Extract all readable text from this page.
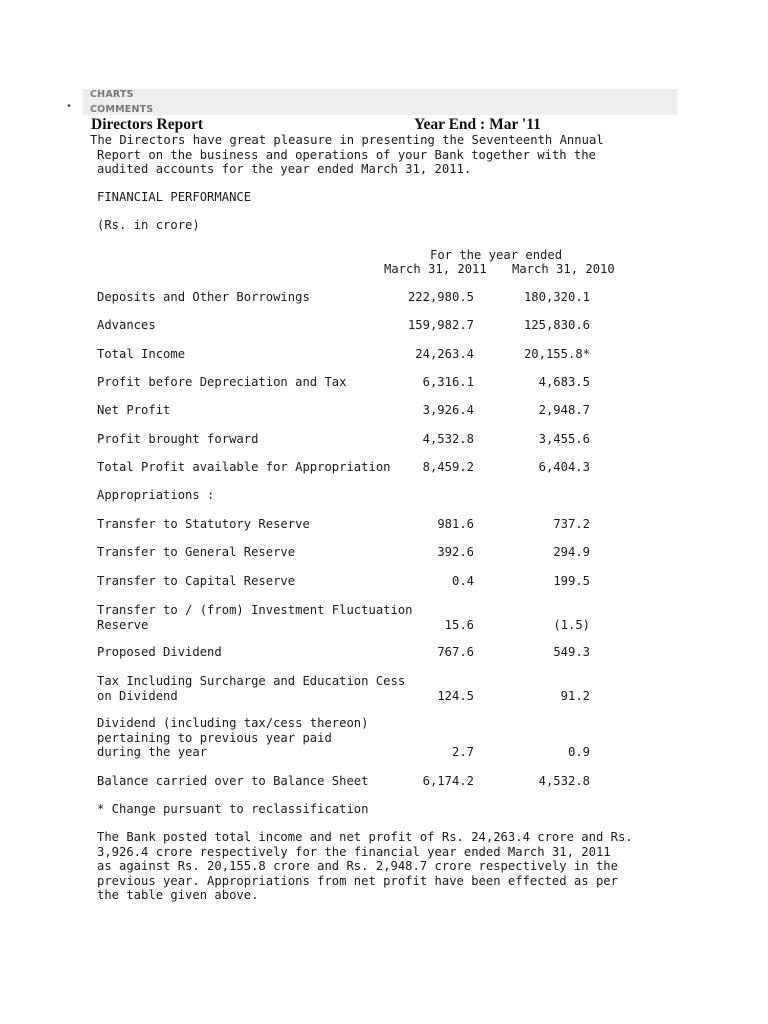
CHARTS
• COMMENTS
Directors Report	Year End : Mar '11
The Directors have great pleasure in presenting the Seventeenth Annual
Report on the business and operations of your Bank together with the
audited accounts for the year ended March 31, 2011.
FINANCIAL PERFORMANCE
(Rs. in crore)
For the year ended
March 31, 2011 March 31, 2010
Deposits and Other Borrowings	222,980.5	180,320.1
Advances	159,982.7	125,830.6
Total Income	24,263.4	20,155.8*
Profit before Depreciation and Tax	6,316.1	4,683.5
Net Profit	3,926.4	2,948.7
Profit brought forward	4,532.8	3,455.6
Total Profit available for Appropriation	8,459.2	6,404.3
Appropriations :
Transfer to Statutory Reserve	981.6	737.2
Transfer to General Reserve	392.6	294.9
Transfer to Capital Reserve	0.4	199.5
Transfer to / (from) Investment Fluctuation
Reserve	15.6	(1.5)
Proposed Dividend	767.6	549.3
Tax Including Surcharge and Education Cess
on Dividend	124.5	91.2
Dividend (including tax/cess thereon)
pertaining to previous year paid
during the year	2.7	0.9
Balance carried over to Balance Sheet	6,174.2	4,532.8
* Change pursuant to reclassification
The Bank posted total income and net profit of Rs. 24,263.4 crore and Rs.
3,926.4 crore respectively for the financial year ended March 31, 2011
as against Rs. 20,155.8 crore and Rs. 2,948.7 crore respectively in the
previous year. Appropriations from net profit have been effected as per
the table given above.
